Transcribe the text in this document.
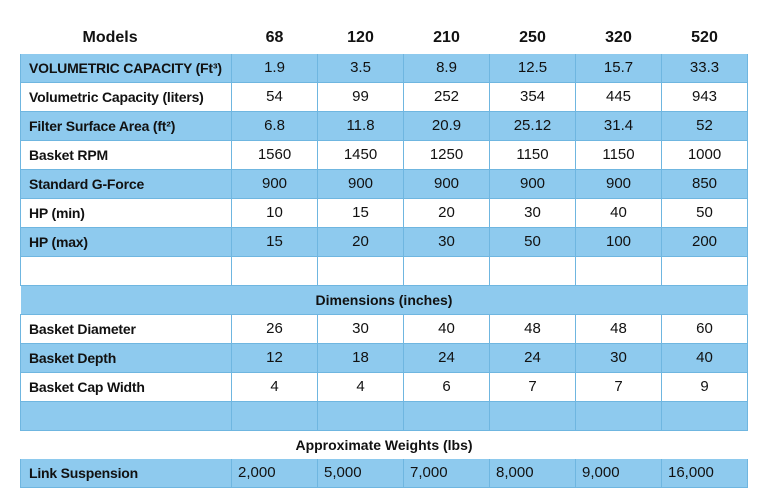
Models	68	120	210	250	320	520
VOLUMETRIC CAPACITY (Ft³)	1.9	3.5	8.9	12.5	15.7	33.3
Volumetric Capacity (liters)	54	99	252	354	445	943
Filter Surface Area (ft²)	6.8	11.8	20.9	25.12	31.4	52
Basket RPM	1560	1450	1250	1150	1150	1000
Standard G-Force	900	900	900	900	900	850
HP (min)	10	15	20	30	40	50
HP (max)	15	20	30	50	100	200

Dimensions (inches)						
Basket Diameter	26	30	40	48	48	60
Basket Depth	12	18	24	24	30	40
Basket Cap Width	4	4	6	7	7	9

Approximate Weights (lbs)						
Link Suspension	2,000	5,000	7,000	8,000	9,000	16,000
